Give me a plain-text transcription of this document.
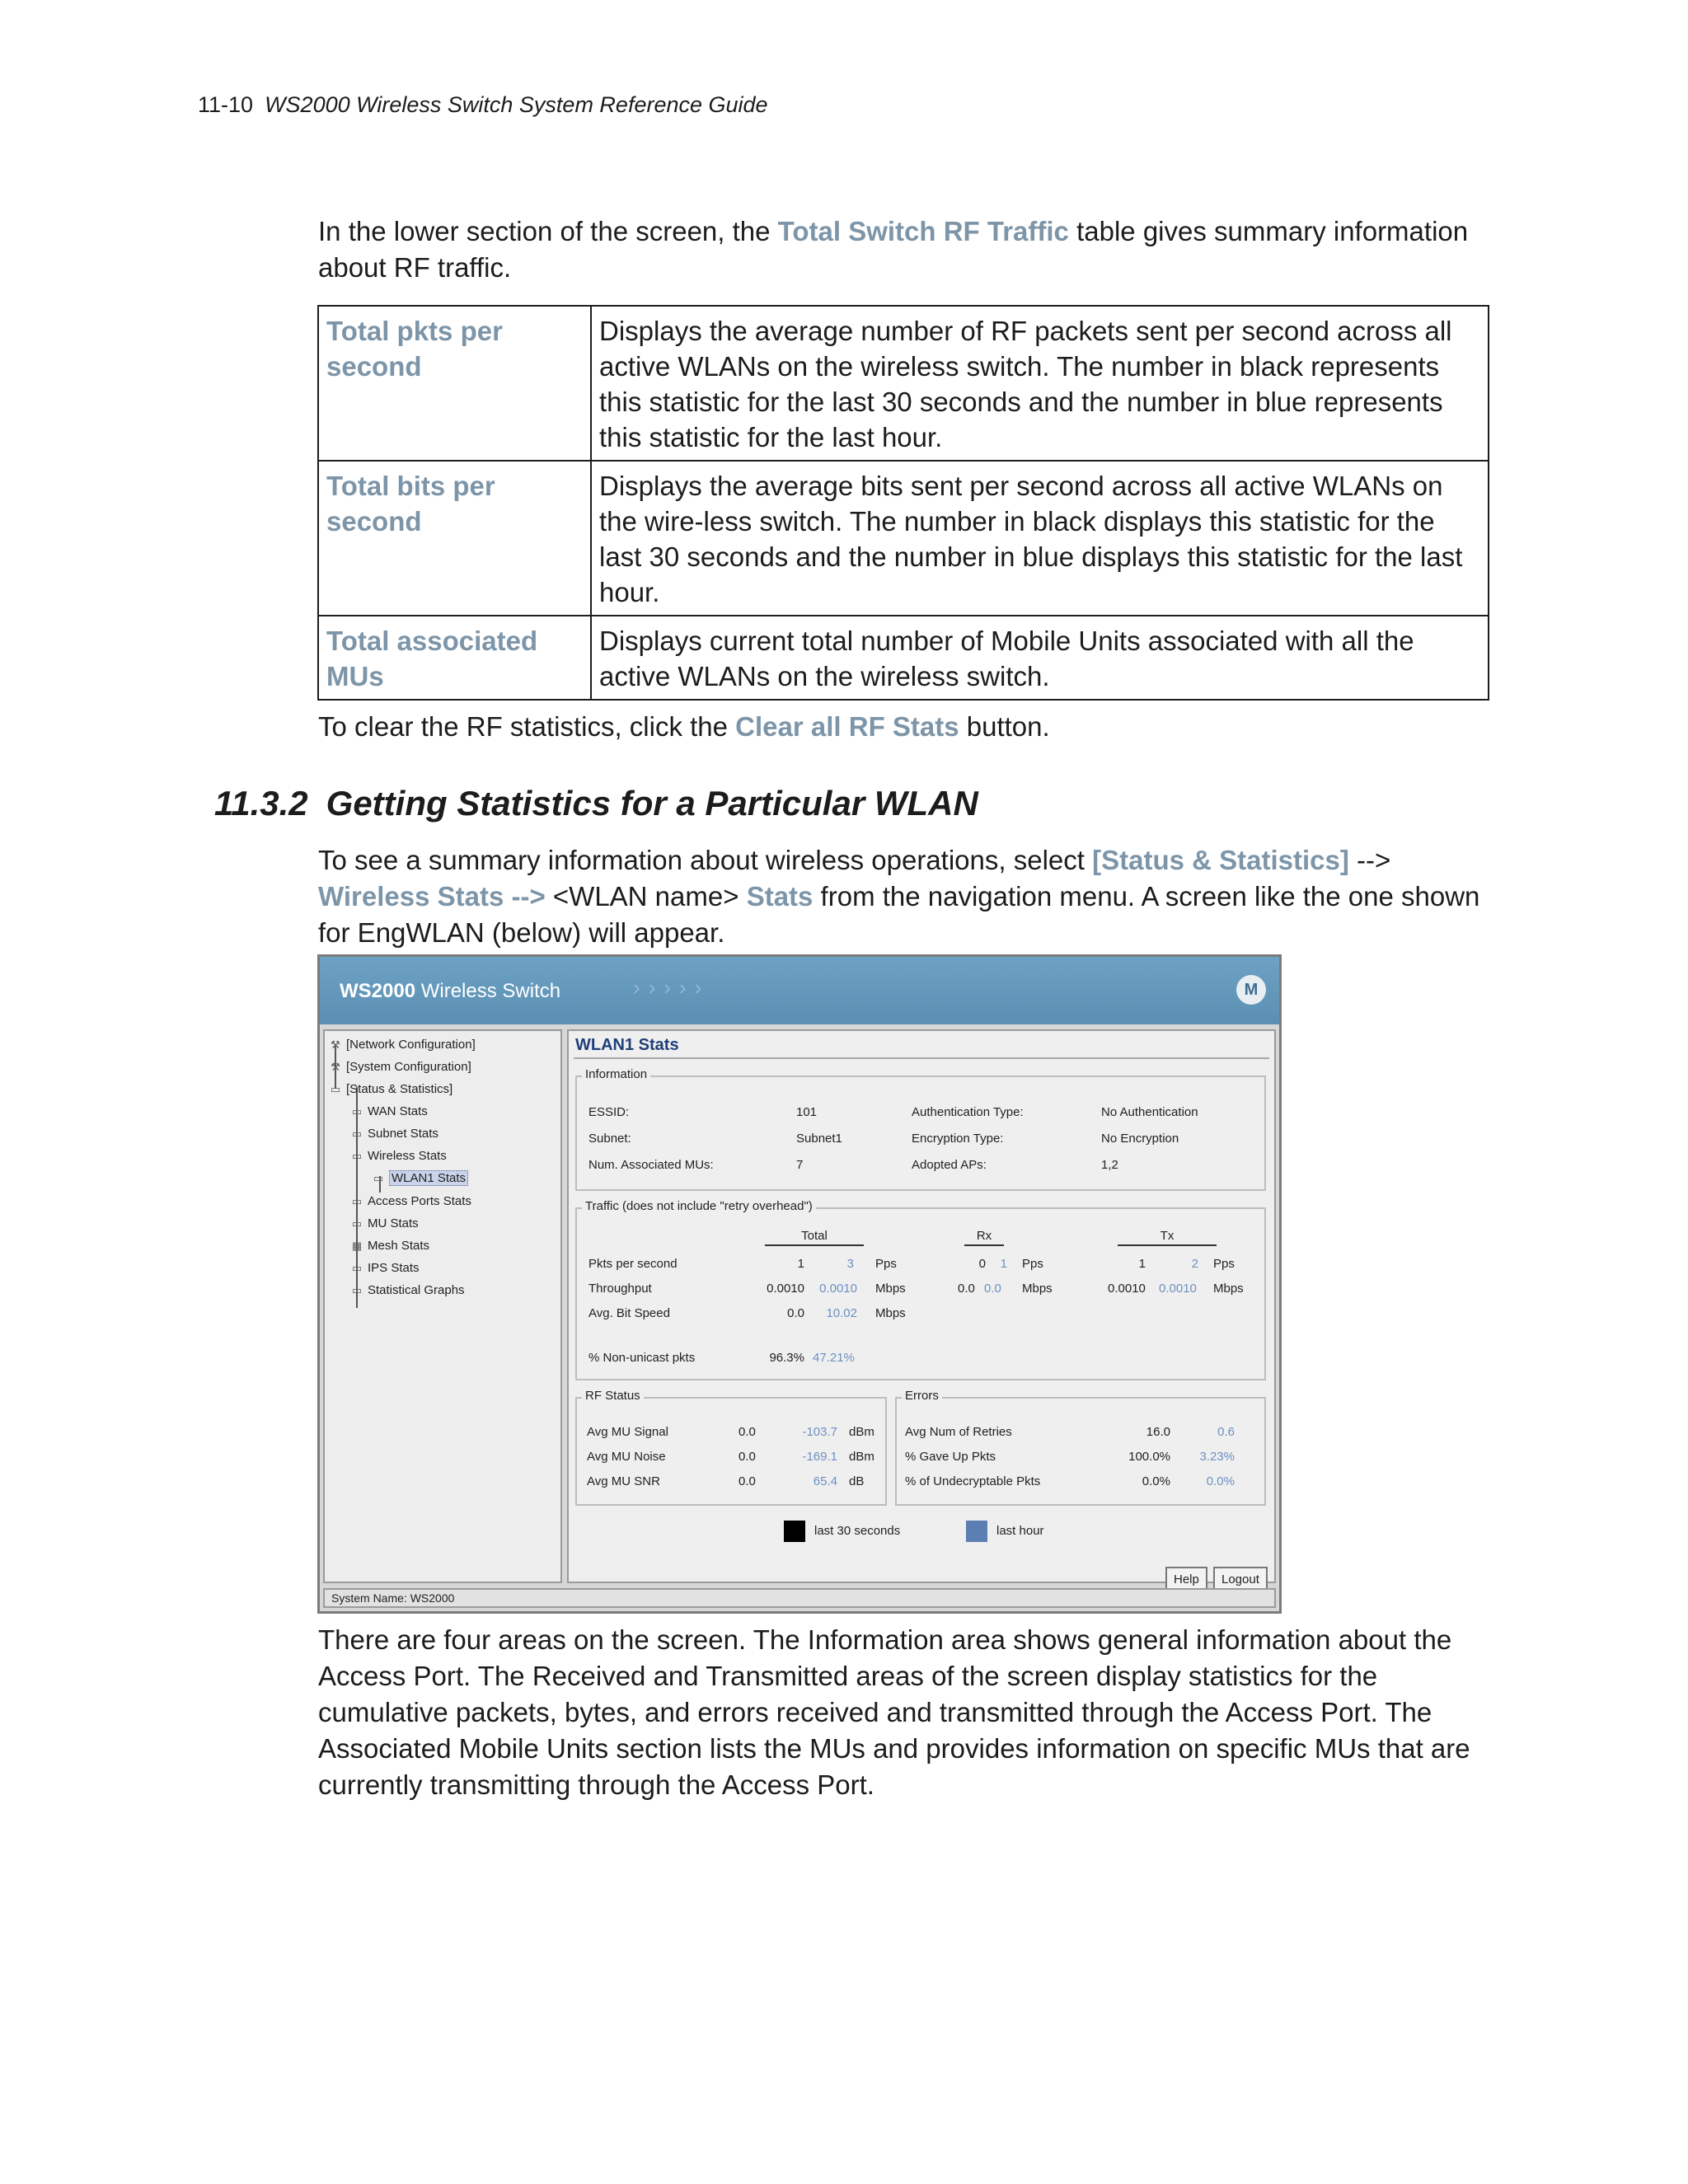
11-10 WS2000 Wireless Switch System Reference Guide
In the lower section of the screen, the Total Switch RF Traffic table gives summary information about RF traffic.
Total pkts per second	Displays the average number of RF packets sent per second across all active WLANs on the wireless switch. The number in black represents this statistic for the last 30 seconds and the number in blue represents this statistic for the last hour.
Total bits per second	Displays the average bits sent per second across all active WLANs on the wire-less switch. The number in black displays this statistic for the last 30 seconds and the number in blue displays this statistic for the last hour.
Total associated MUs	Displays current total number of Mobile Units associated with all the active WLANs on the wireless switch.
To clear the RF statistics, click the Clear all RF Stats button.
11.3.2 Getting Statistics for a Particular WLAN
To see a summary information about wireless operations, select [Status & Statistics] --> Wireless Stats --> <WLAN name> Stats from the navigation menu. A screen like the one shown for EngWLAN (below) will appear.
WS2000 Wireless Switch	›››››	M
⚒ [Network Configuration]
⚒ [System Configuration]
▭ [Status & Statistics]
▭ WAN Stats
▭ Subnet Stats
▭ Wireless Stats
▭ WLAN1 Stats
▭ Access Ports Stats
▭ MU Stats
▦ Mesh Stats
▭ IPS Stats
▭ Statistical Graphs
WLAN1 Stats
Information
ESSID:	101	Authentication Type:	No Authentication
Subnet:	Subnet1	Encryption Type:	No Encryption
Num. Associated MUs:	7	Adopted APs:	1,2
Traffic (does not include "retry overhead")
Total	Rx	Tx
Pkts per second	1	3 Pps	0	1 Pps	1	2 Pps
Throughput	0.0010	0.0010 Mbps	0.0 0.0 Mbps	0.0010 0.0010 Mbps
Avg. Bit Speed	0.0	10.02 Mbps
% Non-unicast pkts	96.3% 47.21%
RF Status
Avg MU Signal	0.0	-103.7 dBm
Avg MU Noise	0.0	-169.1 dBm
Avg MU SNR	0.0	65.4 dB
Errors
Avg Num of Retries	16.0	0.6
% Gave Up Pkts	100.0%	3.23%
% of Undecryptable Pkts	0.0%	0.0%
last 30 seconds	last hour
Help	Logout
System Name: WS2000
There are four areas on the screen. The Information area shows general information about the Access Port. The Received and Transmitted areas of the screen display statistics for the cumulative packets, bytes, and errors received and transmitted through the Access Port. The Associated Mobile Units section lists the MUs and provides information on specific MUs that are currently transmitting through the Access Port.
